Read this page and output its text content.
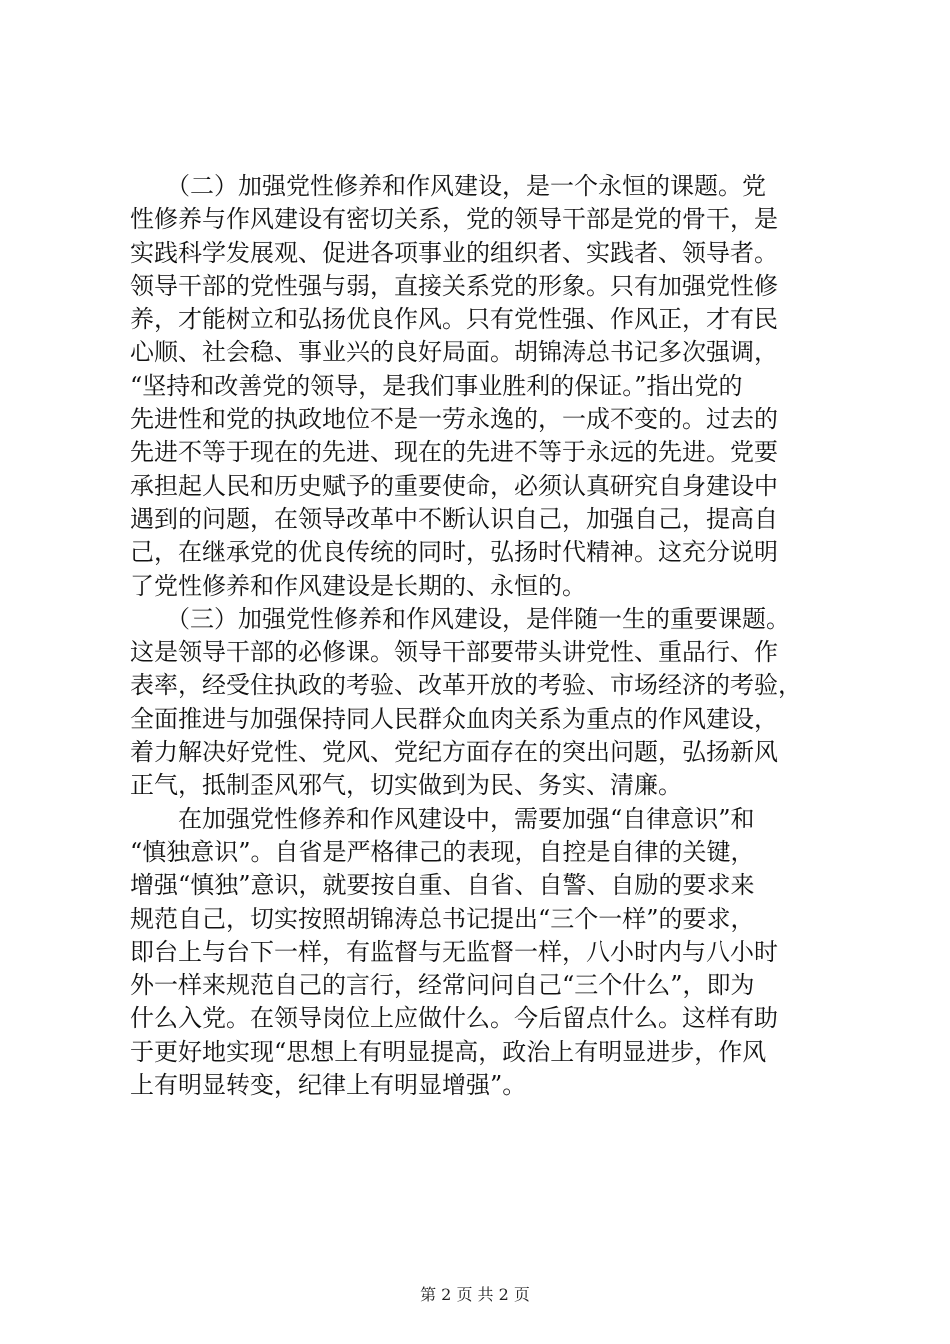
　　（二）加强党性修养和作风建设，是一个永恒的课题。党
性修养与作风建设有密切关系，党的领导干部是党的骨干，是
实践科学发展观、促进各项事业的组织者、实践者、领导者。
领导干部的党性强与弱，直接关系党的形象。只有加强党性修
养，才能树立和弘扬优良作风。只有党性强、作风正，才有民
心顺、社会稳、事业兴的良好局面。胡锦涛总书记多次强调，
“坚持和改善党的领导，是我们事业胜利的保证。”指出党的
先进性和党的执政地位不是一劳永逸的，一成不变的。过去的
先进不等于现在的先进、现在的先进不等于永远的先进。党要
承担起人民和历史赋予的重要使命，必须认真研究自身建设中
遇到的问题，在领导改革中不断认识自己，加强自己，提高自
己，在继承党的优良传统的同时，弘扬时代精神。这充分说明
了党性修养和作风建设是长期的、永恒的。
　　（三）加强党性修养和作风建设，是伴随一生的重要课题。
这是领导干部的必修课。领导干部要带头讲党性、重品行、作
表率，经受住执政的考验、改革开放的考验、市场经济的考验，
全面推进与加强保持同人民群众血肉关系为重点的作风建设，
着力解决好党性、党风、党纪方面存在的突出问题，弘扬新风
正气，抵制歪风邪气，切实做到为民、务实、清廉。
　　在加强党性修养和作风建设中，需要加强“自律意识”和
“慎独意识”。自省是严格律己的表现，自控是自律的关键，
增强“慎独”意识，就要按自重、自省、自警、自励的要求来
规范自己，切实按照胡锦涛总书记提出“三个一样”的要求，
即台上与台下一样，有监督与无监督一样，八小时内与八小时
外一样来规范自己的言行，经常问问自己“三个什么”，即为
什么入党。在领导岗位上应做什么。今后留点什么。这样有助
于更好地实现“思想上有明显提高，政治上有明显进步，作风
上有明显转变，纪律上有明显增强”。
第 2 页 共 2 页
